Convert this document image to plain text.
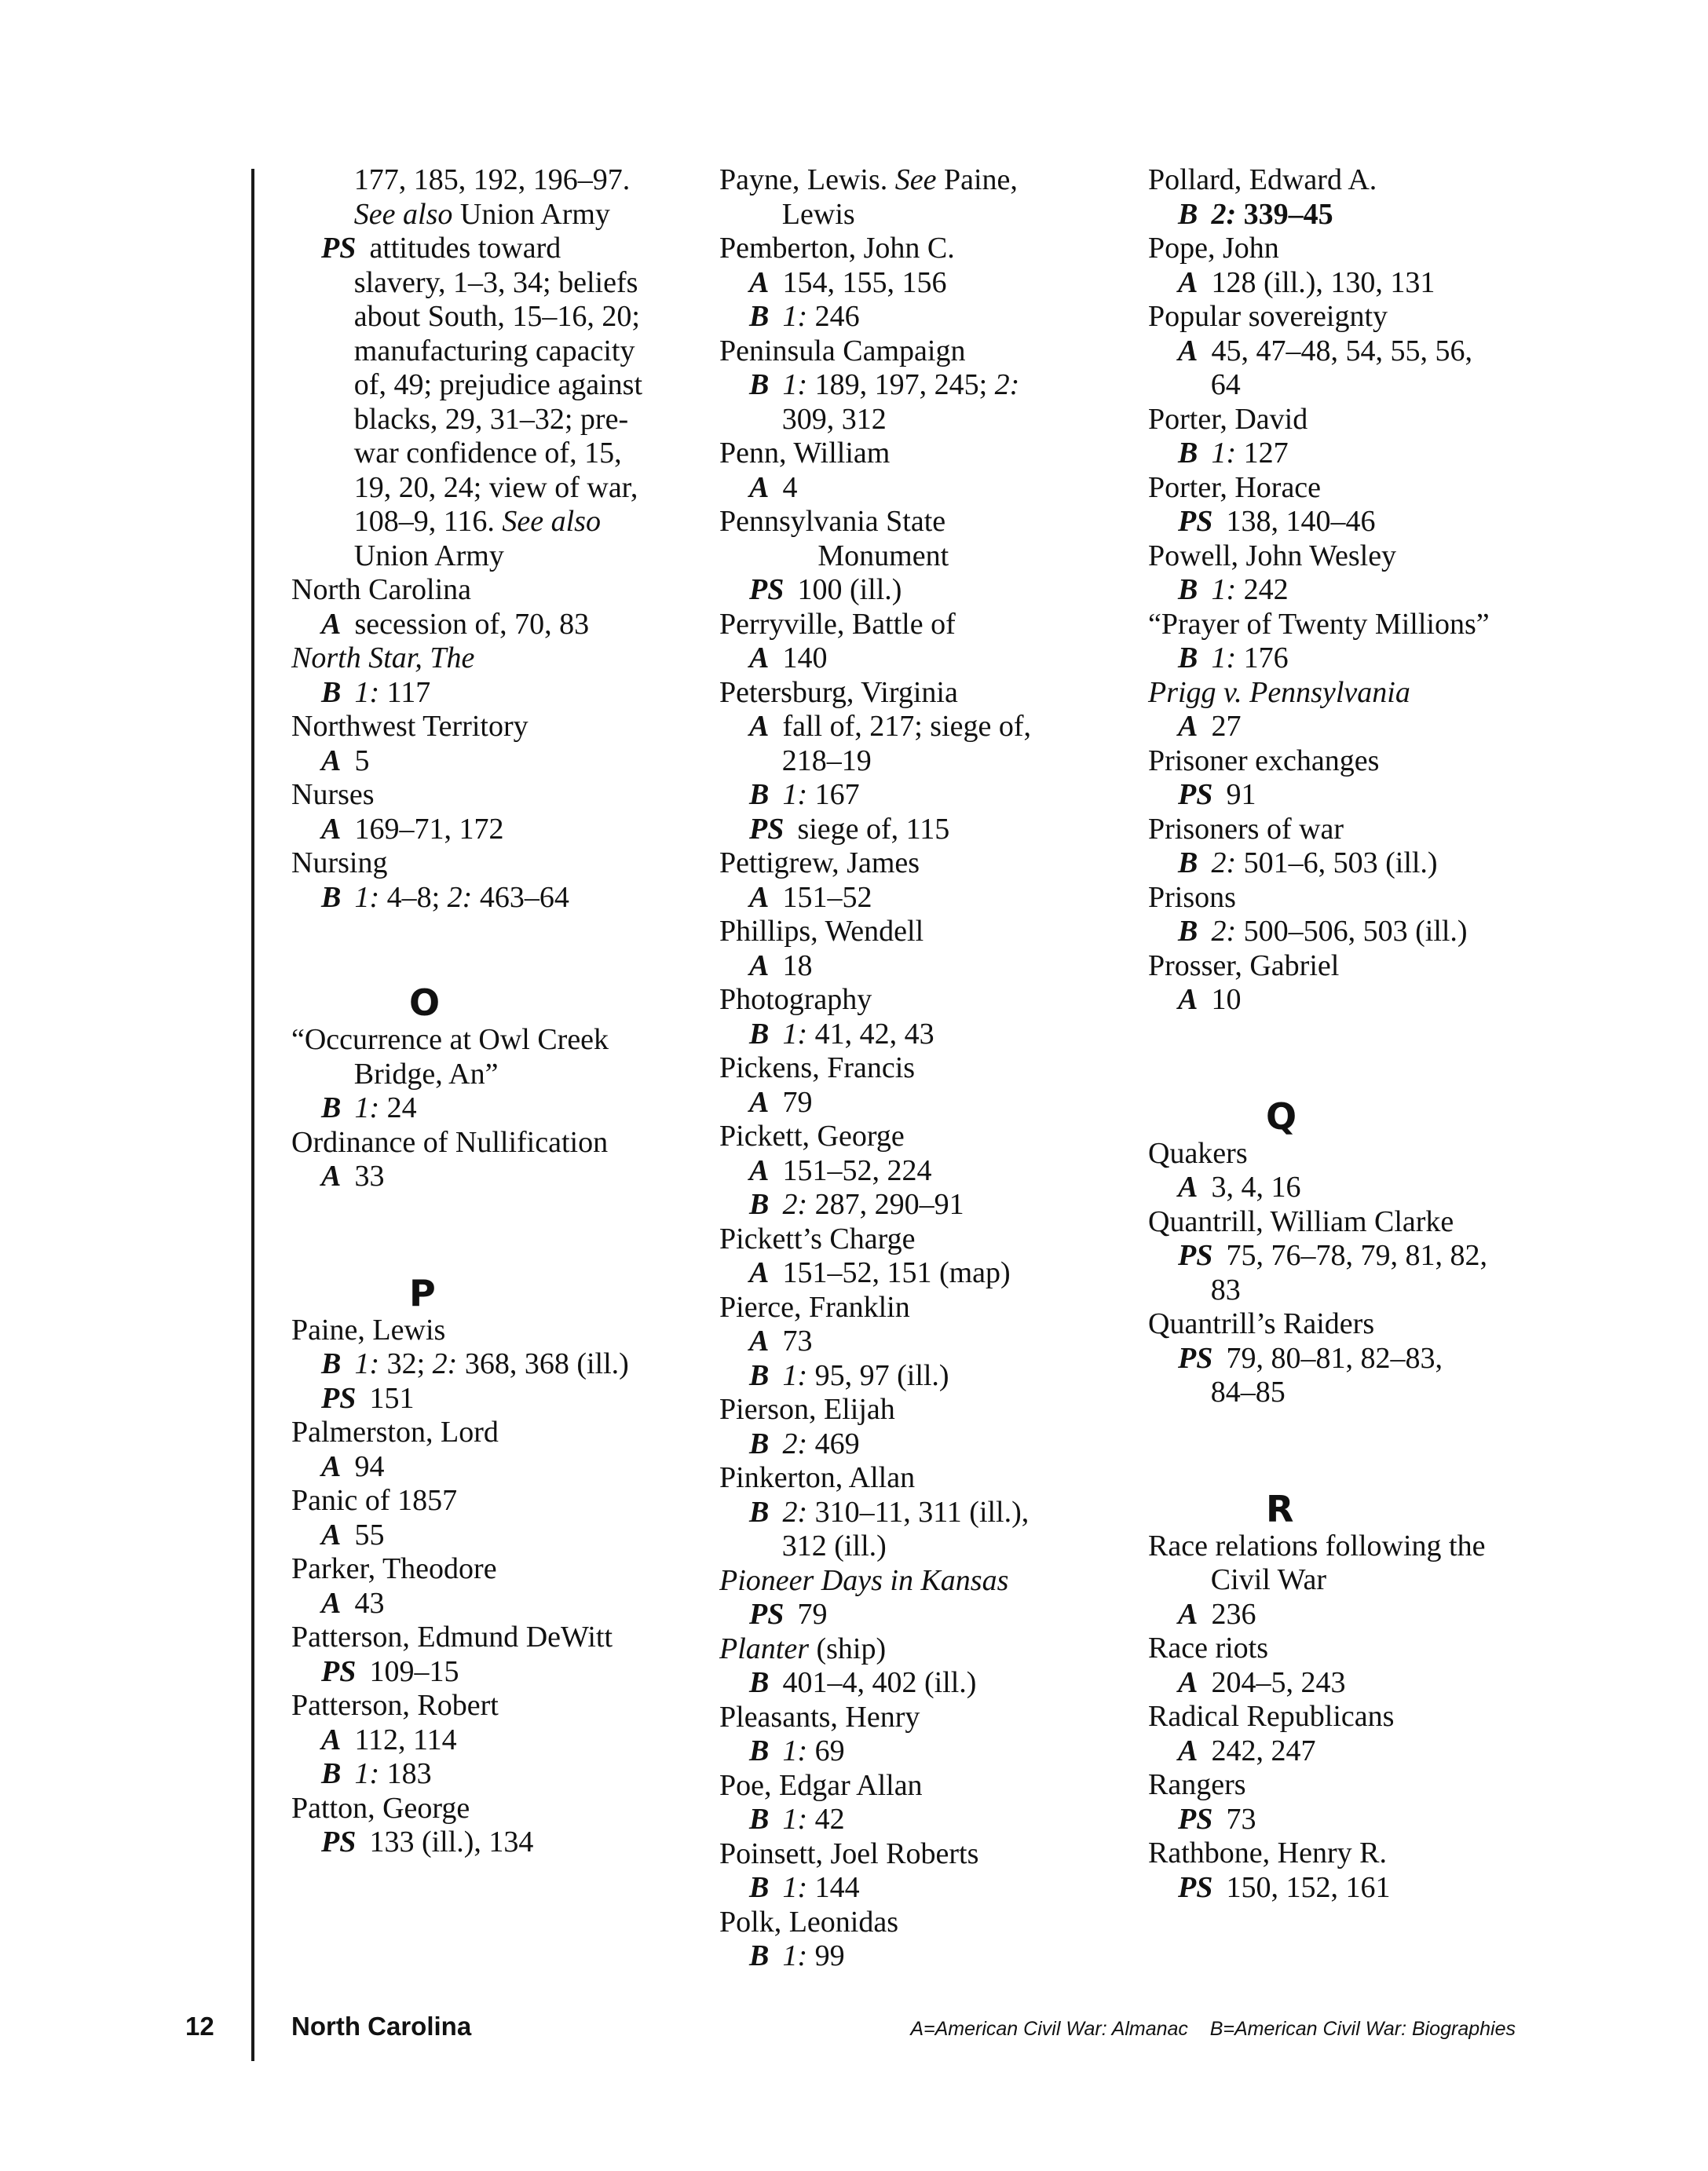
177, 185, 192, 196–97.
See also Union Army
PS attitudes toward
slavery, 1–3, 34; beliefs
about South, 15–16, 20;
manufacturing capacity
of, 49; prejudice against
blacks, 29, 31–32; pre-
war confidence of, 15,
19, 20, 24; view of war,
108–9, 116. See also
Union Army
North Carolina
A secession of, 70, 83
North Star, The
B 1: 117
Northwest Territory
A 5
Nurses
A 169–71, 172
Nursing
B 1: 4–8; 2: 463–64
O
“Occurrence at Owl Creek
Bridge, An”
B 1: 24
Ordinance of Nullification
A 33
P
Paine, Lewis
B 1: 32; 2: 368, 368 (ill.)
PS 151
Palmerston, Lord
A 94
Panic of 1857
A 55
Parker, Theodore
A 43
Patterson, Edmund DeWitt
PS 109–15
Patterson, Robert
A 112, 114
B 1: 183
Patton, George
PS 133 (ill.), 134
Payne, Lewis. See Paine,
Lewis
Pemberton, John C.
A 154, 155, 156
B 1: 246
Peninsula Campaign
B 1: 189, 197, 245; 2:
309, 312
Penn, William
A 4
Pennsylvania State
Monument
PS 100 (ill.)
Perryville, Battle of
A 140
Petersburg, Virginia
A fall of, 217; siege of,
218–19
B 1: 167
PS siege of, 115
Pettigrew, James
A 151–52
Phillips, Wendell
A 18
Photography
B 1: 41, 42, 43
Pickens, Francis
A 79
Pickett, George
A 151–52, 224
B 2: 287, 290–91
Pickett’s Charge
A 151–52, 151 (map)
Pierce, Franklin
A 73
B 1: 95, 97 (ill.)
Pierson, Elijah
B 2: 469
Pinkerton, Allan
B 2: 310–11, 311 (ill.),
312 (ill.)
Pioneer Days in Kansas
PS 79
Planter (ship)
B 401–4, 402 (ill.)
Pleasants, Henry
B 1: 69
Poe, Edgar Allan
B 1: 42
Poinsett, Joel Roberts
B 1: 144
Polk, Leonidas
B 1: 99
Pollard, Edward A.
B 2: 339–45
Pope, John
A 128 (ill.), 130, 131
Popular sovereignty
A 45, 47–48, 54, 55, 56,
64
Porter, David
B 1: 127
Porter, Horace
PS 138, 140–46
Powell, John Wesley
B 1: 242
“Prayer of Twenty Millions”
B 1: 176
Prigg v. Pennsylvania
A 27
Prisoner exchanges
PS 91
Prisoners of war
B 2: 501–6, 503 (ill.)
Prisons
B 2: 500–506, 503 (ill.)
Prosser, Gabriel
A 10
Q
Quakers
A 3, 4, 16
Quantrill, William Clarke
PS 75, 76–78, 79, 81, 82,
83
Quantrill’s Raiders
PS 79, 80–81, 82–83,
84–85
R
Race relations following the
Civil War
A 236
Race riots
A 204–5, 243
Radical Republicans
A 242, 247
Rangers
PS 73
Rathbone, Henry R.
PS 150, 152, 161
12	North Carolina	A=American Civil War: Almanac B=American Civil War: Biographies
